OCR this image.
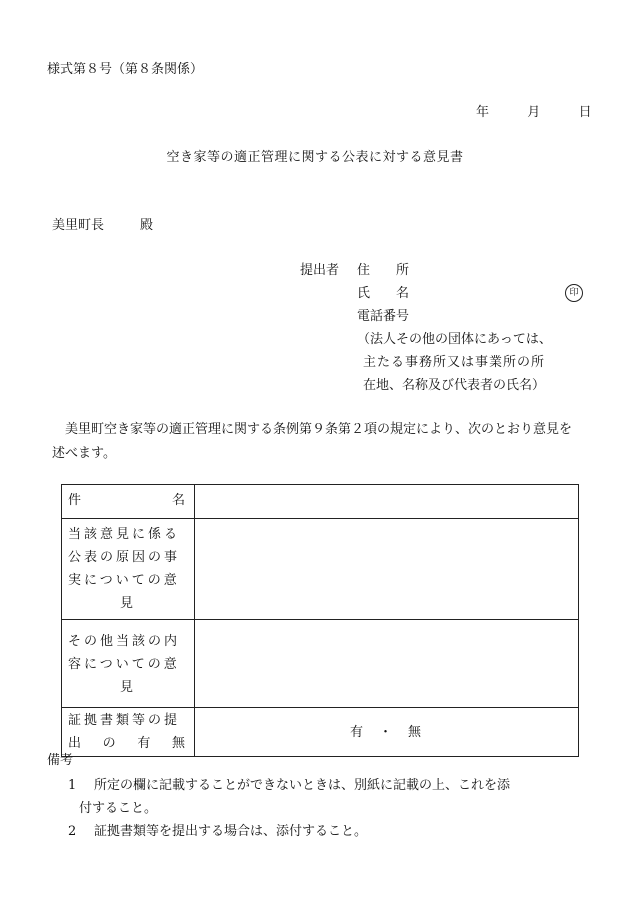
様式第８号（第８条関係）
年	月	日
空き家等の適正管理に関する公表に対する意見書
美里町長	殿
提出者 住　　所
氏　　名	印
電話番号
（法人その他の団体にあっては、
主たる事務所又は事業所の所
在地、名称及び代表者の氏名）
美里町空き家等の適正管理に関する条例第９条第２項の規定により、次のとおり意見を述べます。
件 名	

当該意見に係る
公表の原因の事
実についての意
見	

その他当該の内
容についての意
見	

証拠書類等の提
出 の 有 無	有 ・ 無
備考
1 所定の欄に記載することができないときは、別紙に記載の上、これを添
付すること。
2 証拠書類等を提出する場合は、添付すること。
